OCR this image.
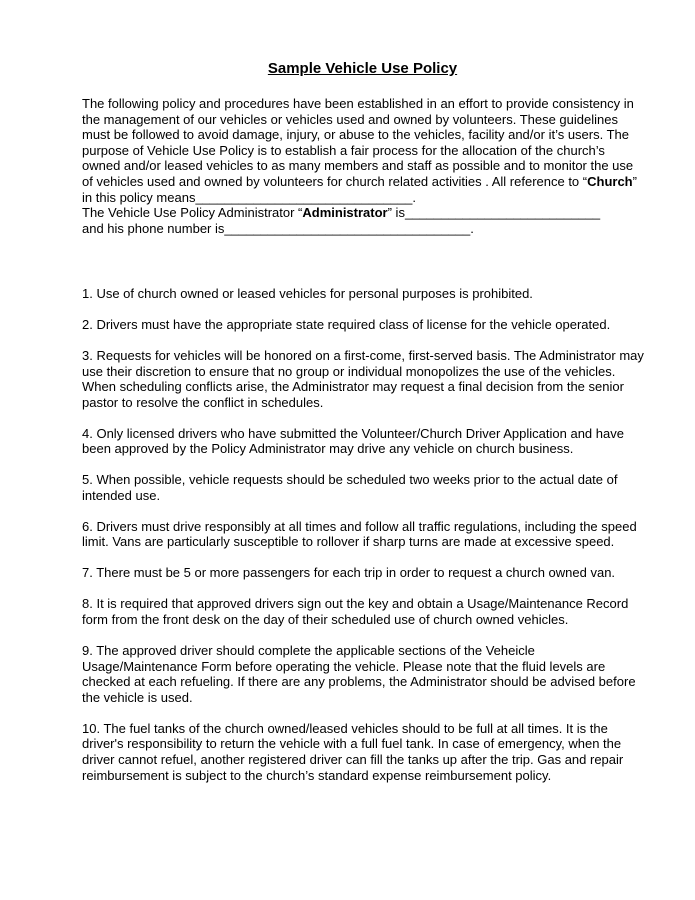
Sample Vehicle Use Policy

The following policy and procedures have been established in an effort to provide consistency in the management of our vehicles or vehicles used and owned by volunteers. These guidelines must be followed to avoid damage, injury, or abuse to the vehicles, facility and/or it’s users. The purpose of Vehicle Use Policy is to establish a fair process for the allocation of the church’s owned and/or leased vehicles to as many members and staff as possible and to monitor the use of vehicles used and owned by volunteers for church related activities . All reference to “Church” in this policy means______________________________.

The Vehicle Use Policy Administrator “Administrator” is___________________________

and his phone number is__________________________________.

1. Use of church owned or leased vehicles for personal purposes is prohibited.

2. Drivers must have the appropriate state required class of license for the vehicle operated.

3. Requests for vehicles will be honored on a first-come, first-served basis. The Administrator may use their discretion to ensure that no group or individual monopolizes the use of the vehicles. When scheduling conflicts arise, the Administrator may request a final decision from the senior pastor to resolve the conflict in schedules.

4. Only licensed drivers who have submitted the Volunteer/Church Driver Application and have been approved by the Policy Administrator may drive any vehicle on church business.

5. When possible, vehicle requests should be scheduled two weeks prior to the actual date of intended use.

6. Drivers must drive responsibly at all times and follow all traffic regulations, including the speed limit. Vans are particularly susceptible to rollover if sharp turns are made at excessive speed.

7. There must be 5 or more passengers for each trip in order to request a church owned van.

8. It is required that approved drivers sign out the key and obtain a Usage/Maintenance Record form from the front desk on the day of their scheduled use of church owned vehicles.

9. The approved driver should complete the applicable sections of the Veheicle Usage/Maintenance Form before operating the vehicle. Please note that the fluid levels are checked at each refueling. If there are any problems, the Administrator should be advised before the vehicle is used.

10. The fuel tanks of the church owned/leased vehicles should to be full at all times. It is the driver's responsibility to return the vehicle with a full fuel tank. In case of emergency, when the driver cannot refuel, another registered driver can fill the tanks up after the trip. Gas and repair reimbursement is subject to the church’s standard expense reimbursement policy.
